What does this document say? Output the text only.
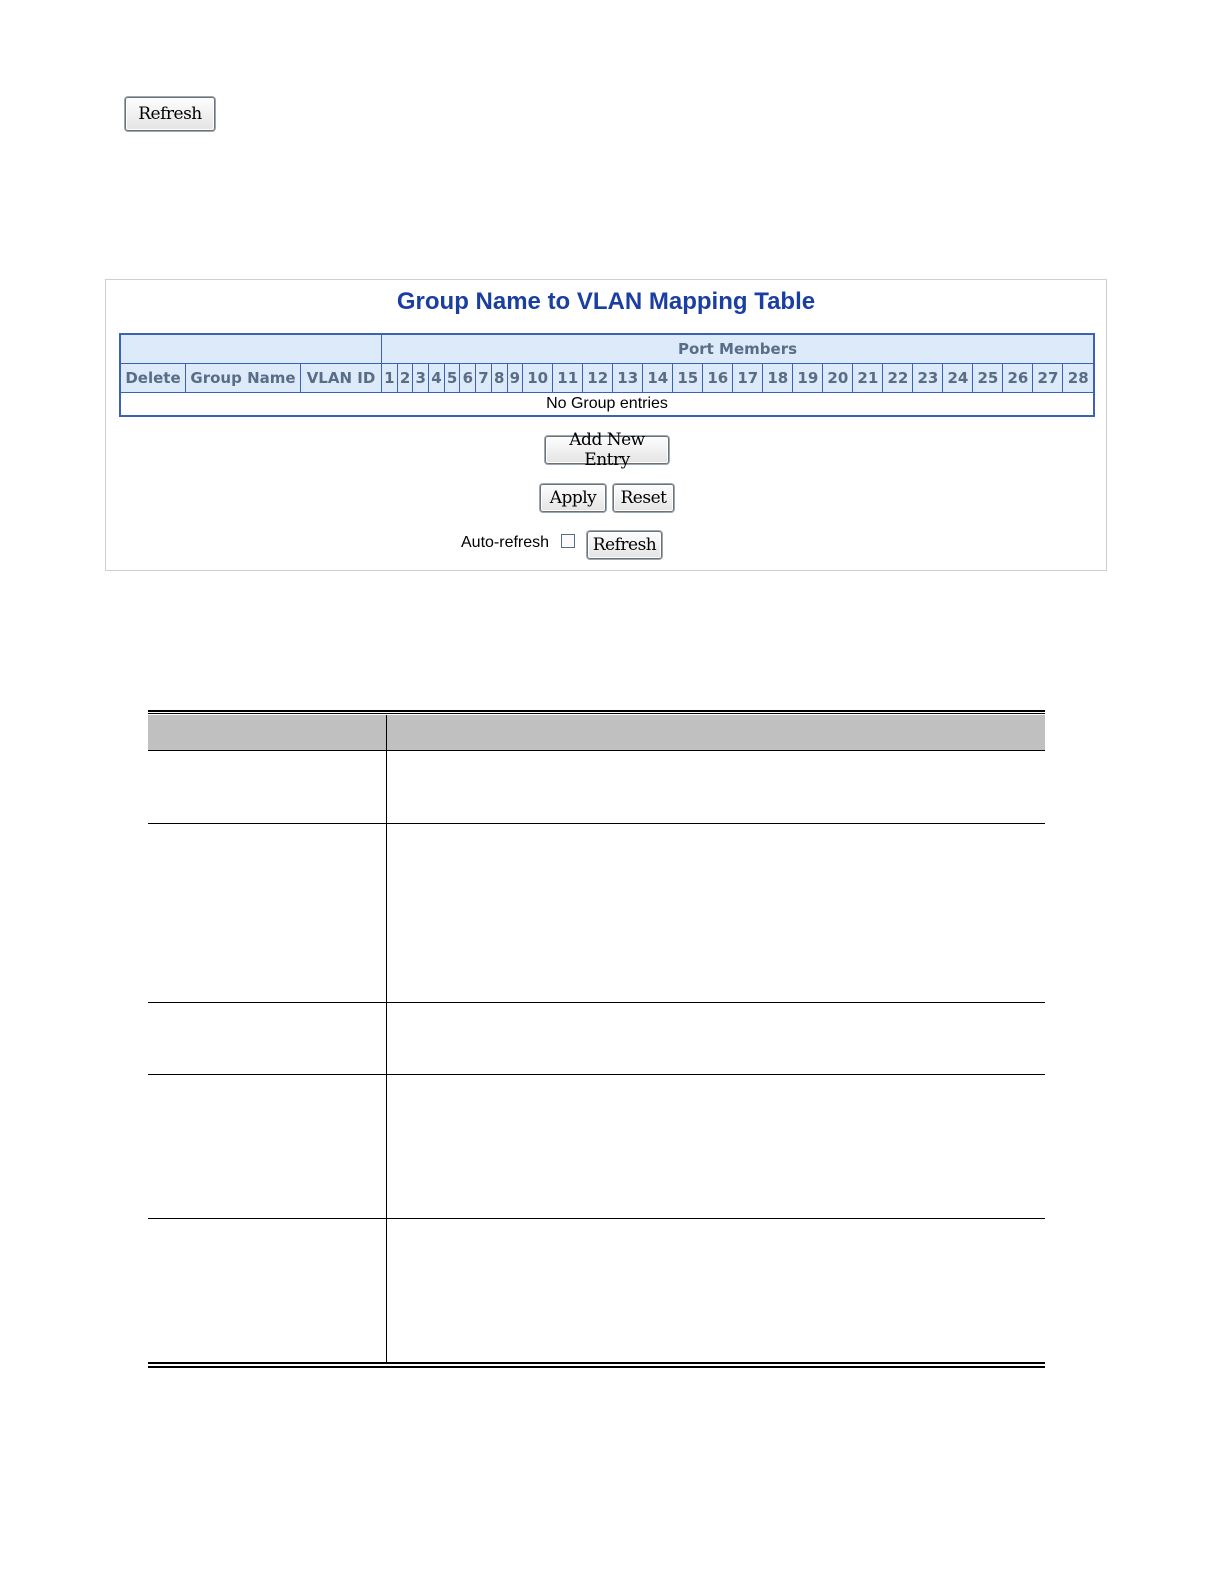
Refresh
Group Name to VLAN Mapping Table
			Port Members																											
Delete	Group Name	VLAN ID	1	2	3	4	5	6	7	8	9	10	11	12	13	14	15	16	17	18	19	20	21	22	23	24	25	26	27	28
No Group entries																														
Add New Entry
Apply	Reset
Auto-refresh	Refresh
